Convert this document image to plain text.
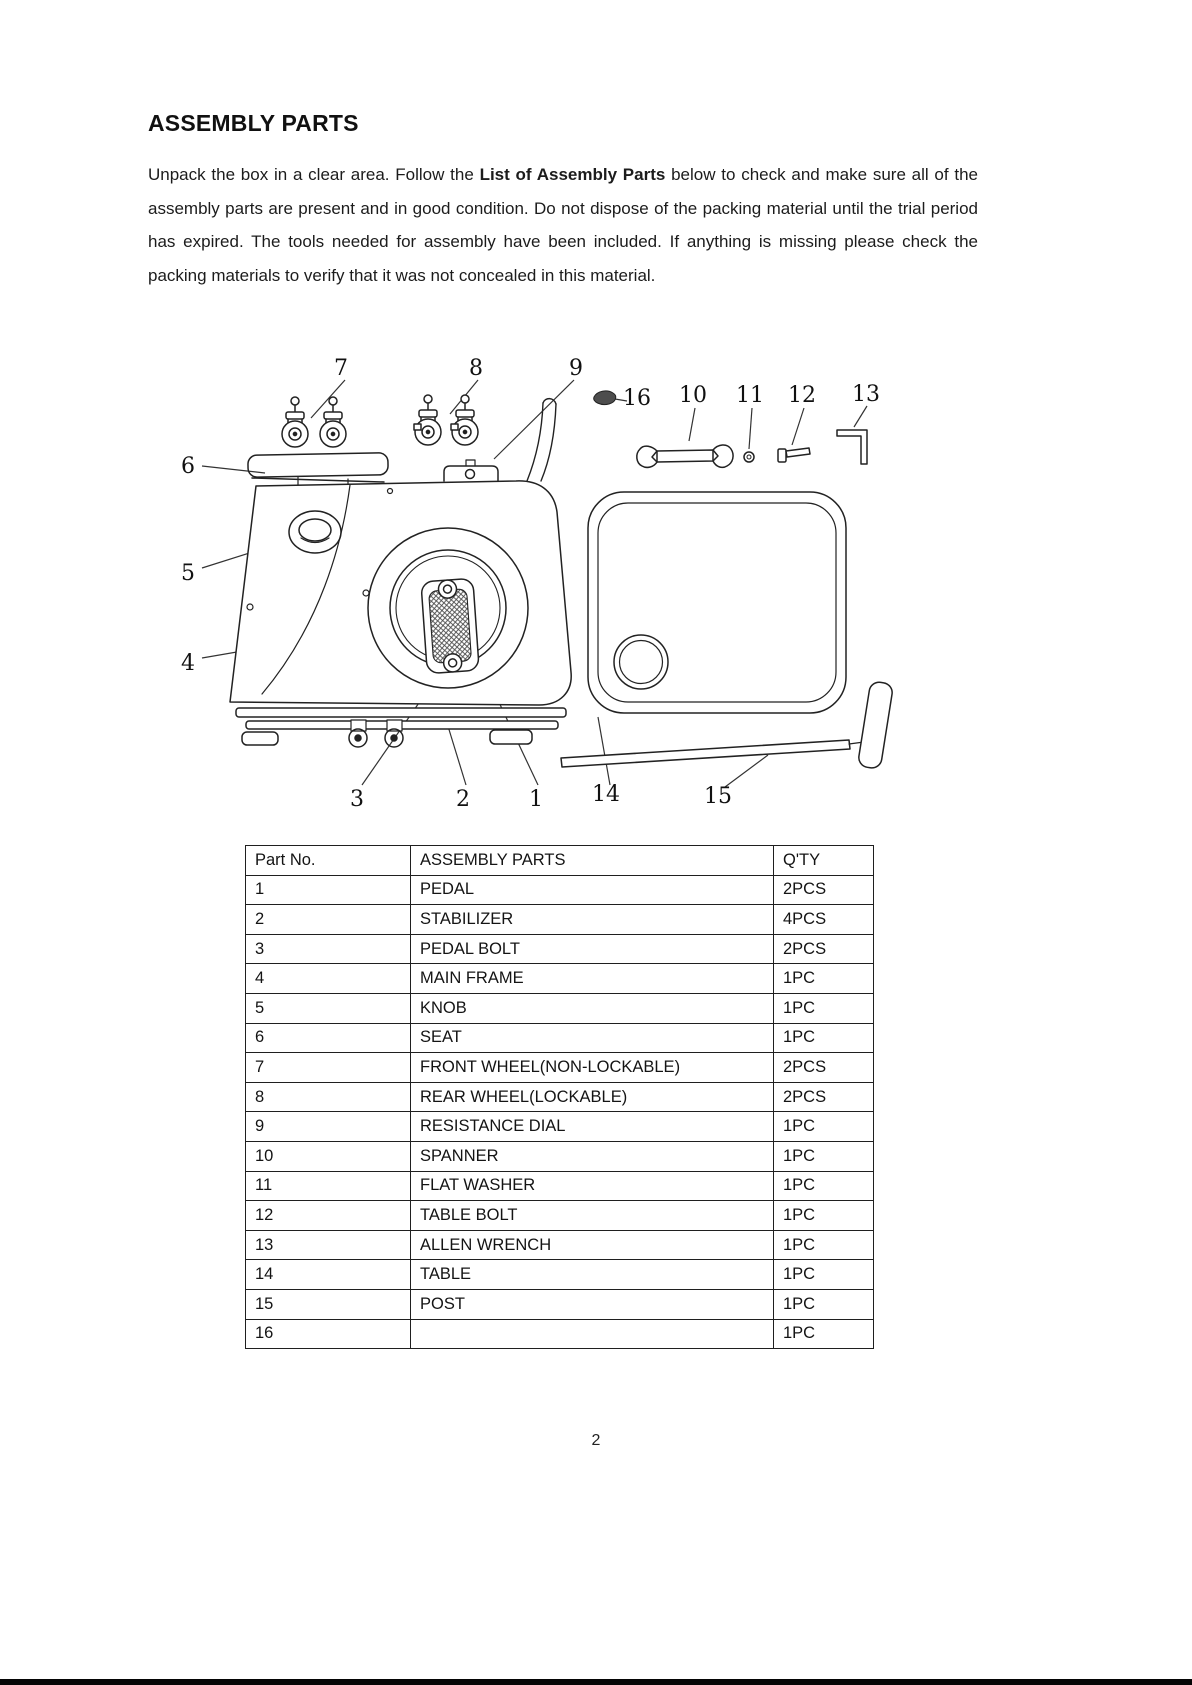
ASSEMBLY PARTS

Unpack the box in a clear area. Follow the List of Assembly Parts below to check and make sure all of the assembly parts are present and in good condition. Do not dispose of the packing material until the trial period has expired. The tools needed for assembly have been included. If anything is missing please check the packing materials to verify that it was not concealed in this material.

7	8	9
16 10 11 12 13
6
5
4
3	2	1 14	15
Part No.	ASSEMBLY PARTS	Q'TY
1	PEDAL	2PCS
2	STABILIZER	4PCS
3	PEDAL BOLT	2PCS
4	MAIN FRAME	1PC
5	KNOB	1PC
6	SEAT	1PC
7	FRONT WHEEL(NON-LOCKABLE)	2PCS
8	REAR WHEEL(LOCKABLE)	2PCS
9	RESISTANCE DIAL	1PC
10	SPANNER	1PC
11	FLAT WASHER	1PC
12	TABLE BOLT	1PC
13	ALLEN WRENCH	1PC
14	TABLE	1PC
15	POST	1PC
16		1PC
2
